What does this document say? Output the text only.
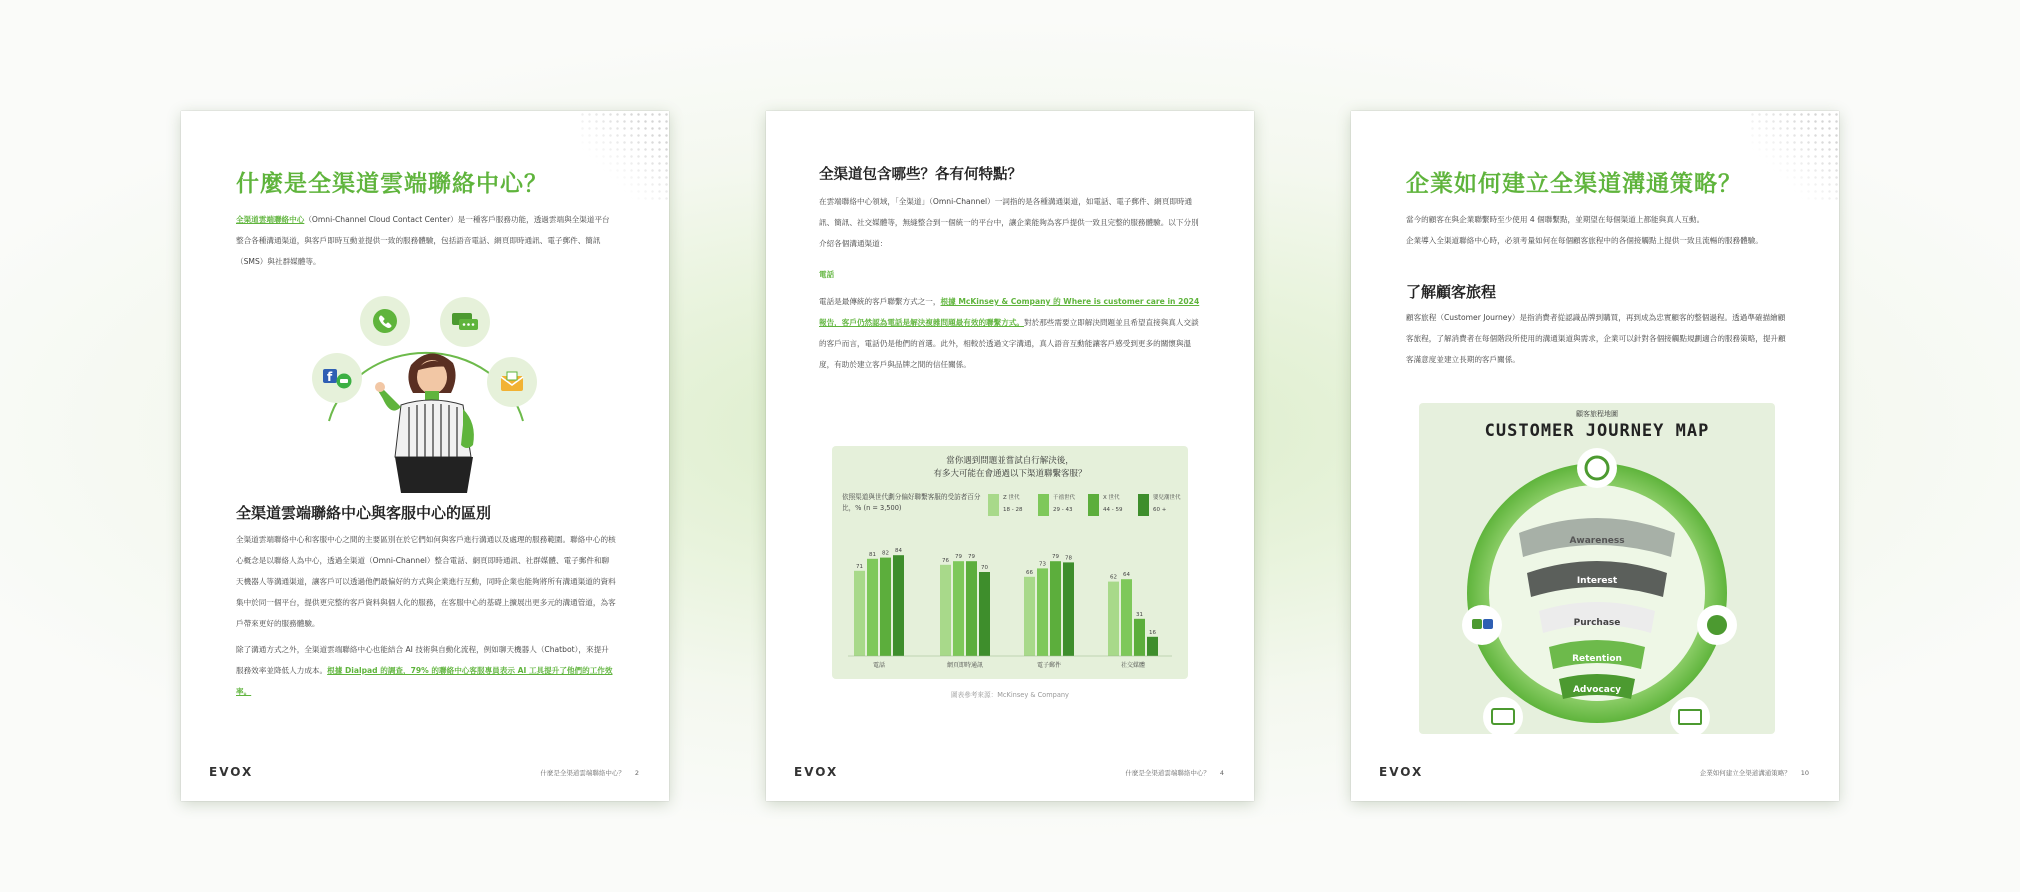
什麼是全渠道雲端聯絡中心？
全渠道雲端聯絡中心（Omni-Channel Cloud Contact Center）是一種客戶服務功能，透過雲端與全渠道平台整合各種溝通渠道，與客戶即時互動並提供一致的服務體驗，包括語音電話、網頁即時通訊、電子郵件、簡訊（SMS）與社群媒體等。
f
全渠道雲端聯絡中心與客服中心的區別
全渠道雲端聯絡中心和客服中心之間的主要區別在於它們如何與客戶進行溝通以及處理的服務範圍。聯絡中心的核心概念是以聯絡人為中心，透過全渠道（Omni-Channel）整合電話、網頁即時通訊、社群媒體、電子郵件和聊天機器人等溝通渠道，讓客戶可以透過他們最偏好的方式與企業進行互動，同時企業也能夠將所有溝通渠道的資料集中於同一個平台，提供更完整的客戶資料與個人化的服務，在客服中心的基礎上擴展出更多元的溝通管道，為客戶帶來更好的服務體驗。
除了溝通方式之外，全渠道雲端聯絡中心也能結合 AI 技術與自動化流程，例如聊天機器人（Chatbot），來提升服務效率並降低人力成本。根據 Dialpad 的調查，79% 的聯絡中心客服專員表示 AI 工具提升了他們的工作效率。
EVOX	什麼是全渠道雲端聯絡中心？ 2
全渠道包含哪些？各有何特點？
在雲端聯絡中心領域，「全渠道」（Omni-Channel）一詞指的是各種溝通渠道，如電話、電子郵件、網頁即時通訊、簡訊、社交媒體等，無縫整合到一個統一的平台中，讓企業能夠為客戶提供一致且完整的服務體驗。以下分別介紹各個溝通渠道：
電話
電話是最傳統的客戶聯繫方式之一，根據 McKinsey & Company 的 Where is customer care in 2024 報告，客戶仍然認為電話是解決複雜問題最有效的聯繫方式。對於那些需要立即解決問題並且希望直接與真人交談的客戶而言，電話仍是他們的首選。此外，相較於透過文字溝通，真人語音互動能讓客戶感受到更多的關懷與溫度，有助於建立客戶與品牌之間的信任關係。
當你遇到問題並嘗試自行解決後，
有多大可能在會通過以下渠道聯繫客服？
依照渠道與世代劃分偏好聯繫客服的受訪者百分比，% (n = 3,500)
Z 世代
18 - 28
千禧世代
29 - 43
X 世代
44 - 59
嬰兒潮世代
60 +
71
81 82 84
電話
76
79 79
70
網頁即時通訊
66
73
79 78
電子郵件
62 64
31
16
社交媒體
圖表參考來源：McKinsey & Company
EVOX	什麼是全渠道雲端聯絡中心？ 4
企業如何建立全渠道溝通策略？
當今的顧客在與企業聯繫時至少使用 4 個聯繫點，並期望在每個渠道上都能與真人互動。
企業導入全渠道聯絡中心時，必須考量如何在每個顧客旅程中的各個接觸點上提供一致且流暢的服務體驗。
了解顧客旅程
顧客旅程（Customer Journey）是指消費者從認識品牌到購買，再到成為忠實顧客的整個過程。透過準確描繪顧客旅程，了解消費者在每個階段所使用的溝通渠道與需求，企業可以針對各個接觸點規劃適合的服務策略，提升顧客滿意度並建立長期的客戶關係。
顧客旅程地圖
CUSTOMER JOURNEY MAP
Awareness
Interest
Purchase
Retention
Advocacy
EVOX	企業如何建立全渠道溝通策略？ 10
